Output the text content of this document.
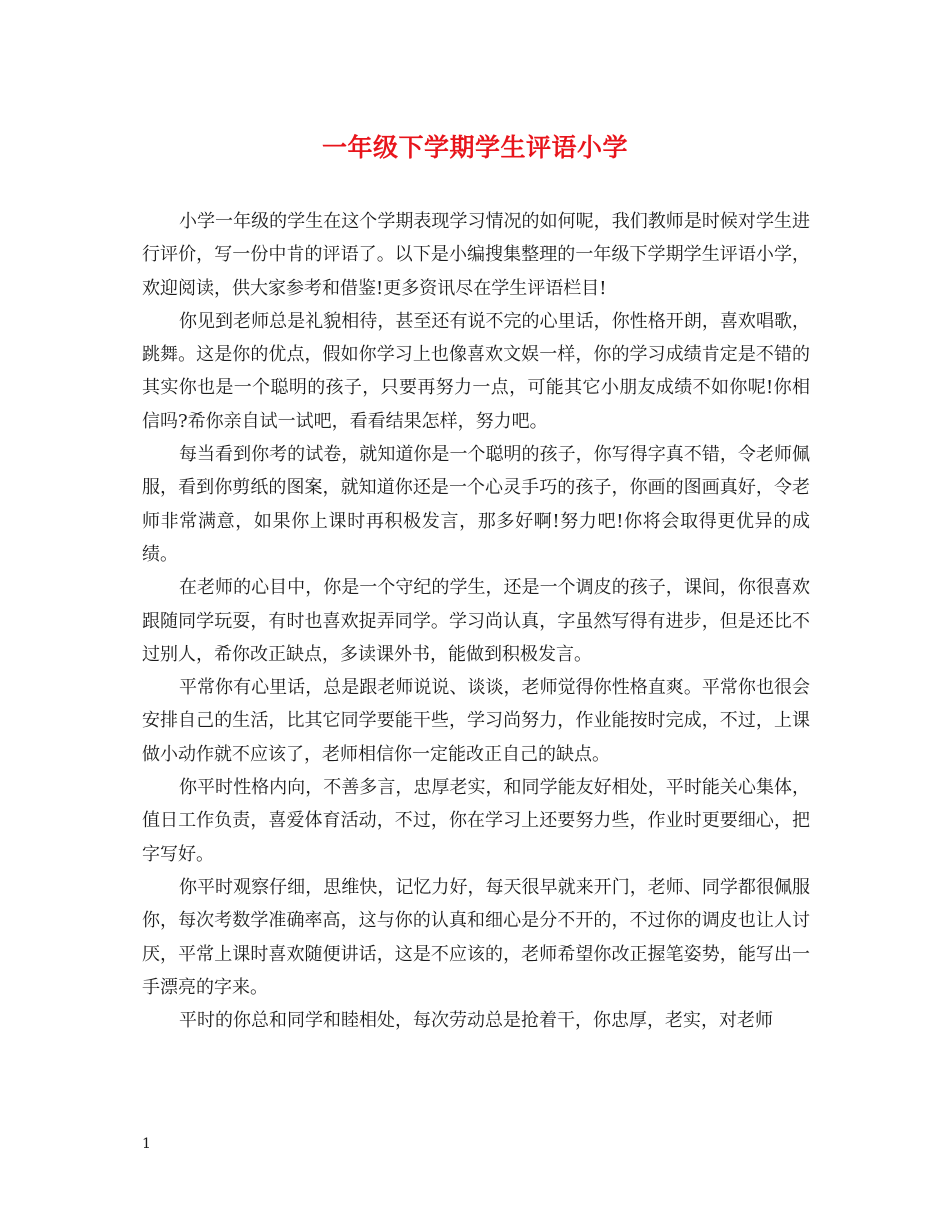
一年级下学期学生评语小学

小学一年级的学生在这个学期表现学习情况的如何呢，我们教师是时候对学生进行评价，写一份中肯的评语了。以下是小编搜集整理的一年级下学期学生评语小学，欢迎阅读，供大家参考和借鉴!更多资讯尽在学生评语栏目!

你见到老师总是礼貌相待，甚至还有说不完的心里话，你性格开朗，喜欢唱歌，跳舞。这是你的优点，假如你学习上也像喜欢文娱一样，你的学习成绩肯定是不错的其实你也是一个聪明的孩子，只要再努力一点，可能其它小朋友成绩不如你呢!你相信吗?希你亲自试一试吧，看看结果怎样，努力吧。

每当看到你考的试卷，就知道你是一个聪明的孩子，你写得字真不错，令老师佩服，看到你剪纸的图案，就知道你还是一个心灵手巧的孩子，你画的图画真好，令老师非常满意，如果你上课时再积极发言，那多好啊!努力吧!你将会取得更优异的成绩。

在老师的心目中，你是一个守纪的学生，还是一个调皮的孩子，课间，你很喜欢跟随同学玩耍，有时也喜欢捉弄同学。学习尚认真，字虽然写得有进步，但是还比不过别人，希你改正缺点，多读课外书，能做到积极发言。

平常你有心里话，总是跟老师说说、谈谈，老师觉得你性格直爽。平常你也很会安排自己的生活，比其它同学要能干些，学习尚努力，作业能按时完成，不过，上课做小动作就不应该了，老师相信你一定能改正自己的缺点。

你平时性格内向，不善多言，忠厚老实，和同学能友好相处，平时能关心集体，值日工作负责，喜爱体育活动，不过，你在学习上还要努力些，作业时更要细心，把字写好。

你平时观察仔细，思维快，记忆力好，每天很早就来开门，老师、同学都很佩服你，每次考数学准确率高，这与你的认真和细心是分不开的，不过你的调皮也让人讨厌，平常上课时喜欢随便讲话，这是不应该的，老师希望你改正握笔姿势，能写出一手漂亮的字来。

平时的你总和同学和睦相处，每次劳动总是抢着干，你忠厚，老实，对老师

1
